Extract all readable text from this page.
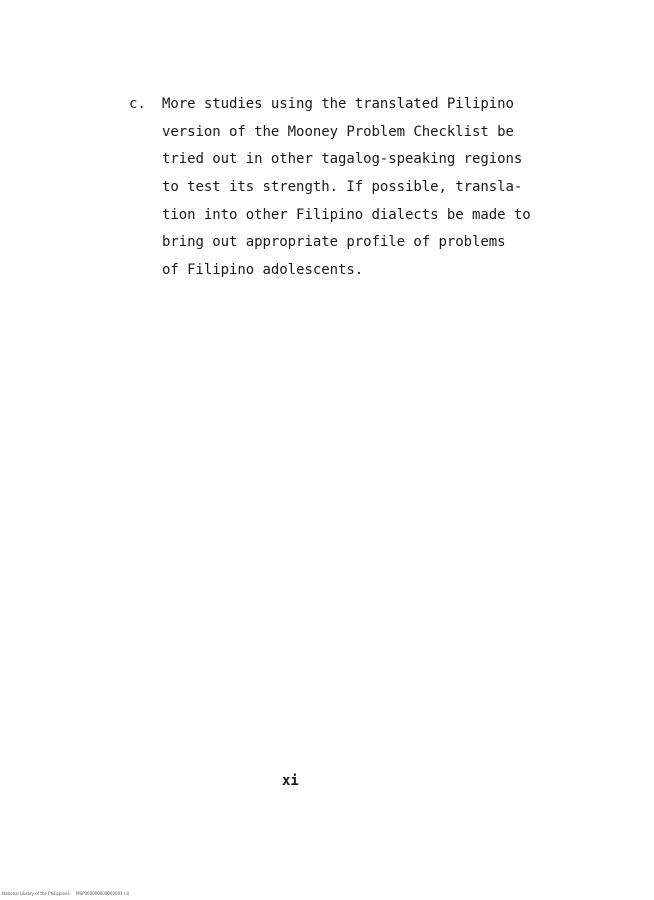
c. More studies using the translated Pilipino
version of the Mooney Problem Checklist be
tried out in other tagalog-speaking regions
to test its strength. If possible, transla-
tion into other Filipino dialects be made to
bring out appropriate profile of problems
of Filipino adolescents.
xi
National Library of the Philippines MSP000000000000001 (ii)
